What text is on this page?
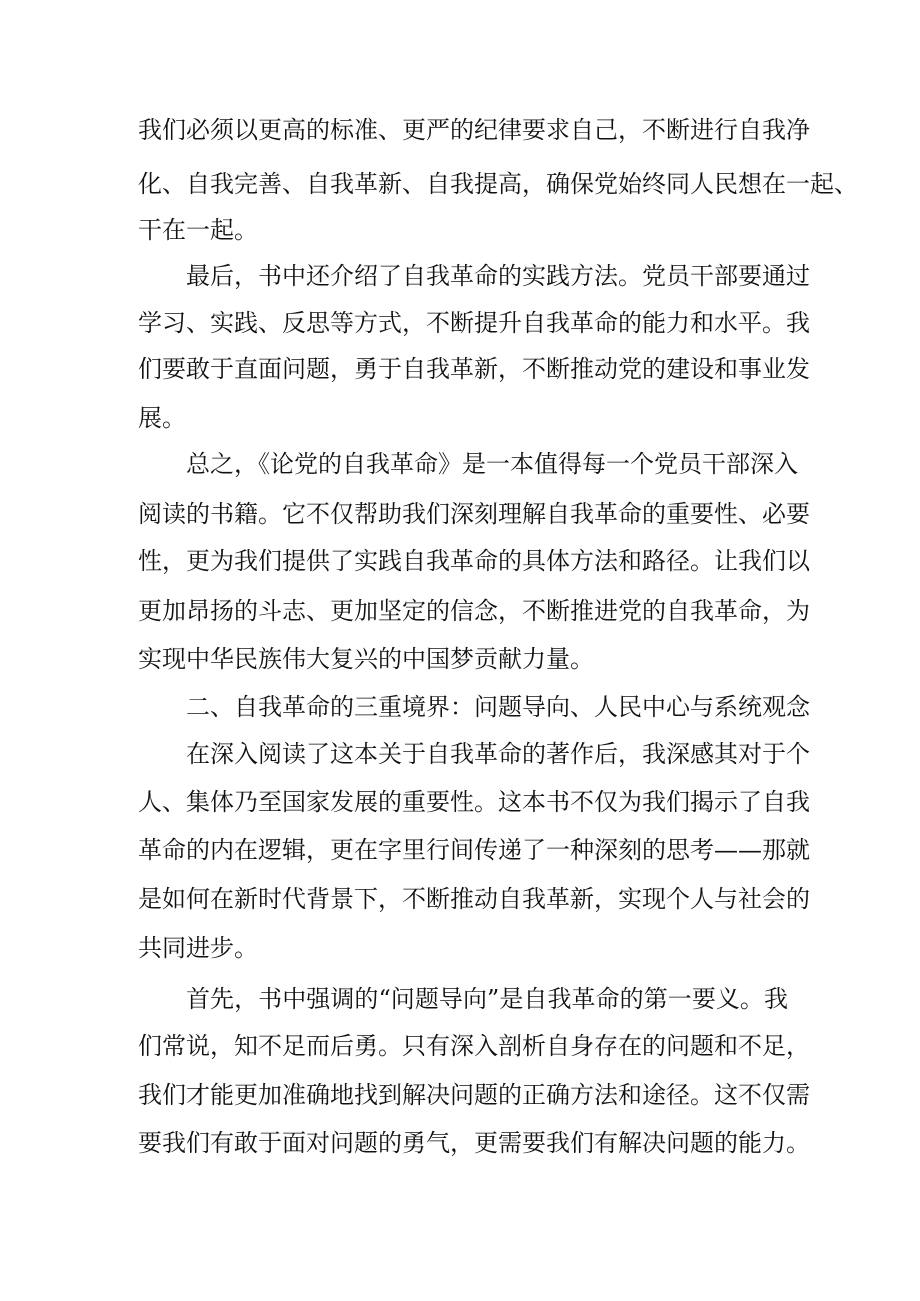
我们必须以更高的标准、更严的纪律要求自己，不断进行自我净

化、自我完善、自我革新、自我提高，确保党始终同人民想在一起、

干在一起。

最后，书中还介绍了自我革命的实践方法。党员干部要通过

学习、实践、反思等方式，不断提升自我革命的能力和水平。我

们要敢于直面问题，勇于自我革新，不断推动党的建设和事业发

展。

总之，《论党的自我革命》是一本值得每一个党员干部深入

阅读的书籍。它不仅帮助我们深刻理解自我革命的重要性、必要

性，更为我们提供了实践自我革命的具体方法和路径。让我们以

更加昂扬的斗志、更加坚定的信念，不断推进党的自我革命，为

实现中华民族伟大复兴的中国梦贡献力量。

二、自我革命的三重境界：问题导向、人民中心与系统观念

在深入阅读了这本关于自我革命的著作后，我深感其对于个

人、集体乃至国家发展的重要性。这本书不仅为我们揭示了自我

革命的内在逻辑，更在字里行间传递了一种深刻的思考——那就

是如何在新时代背景下，不断推动自我革新，实现个人与社会的

共同进步。

首先，书中强调的“问题导向”是自我革命的第一要义。我

们常说，知不足而后勇。只有深入剖析自身存在的问题和不足，

我们才能更加准确地找到解决问题的正确方法和途径。这不仅需

要我们有敢于面对问题的勇气，更需要我们有解决问题的能力。
